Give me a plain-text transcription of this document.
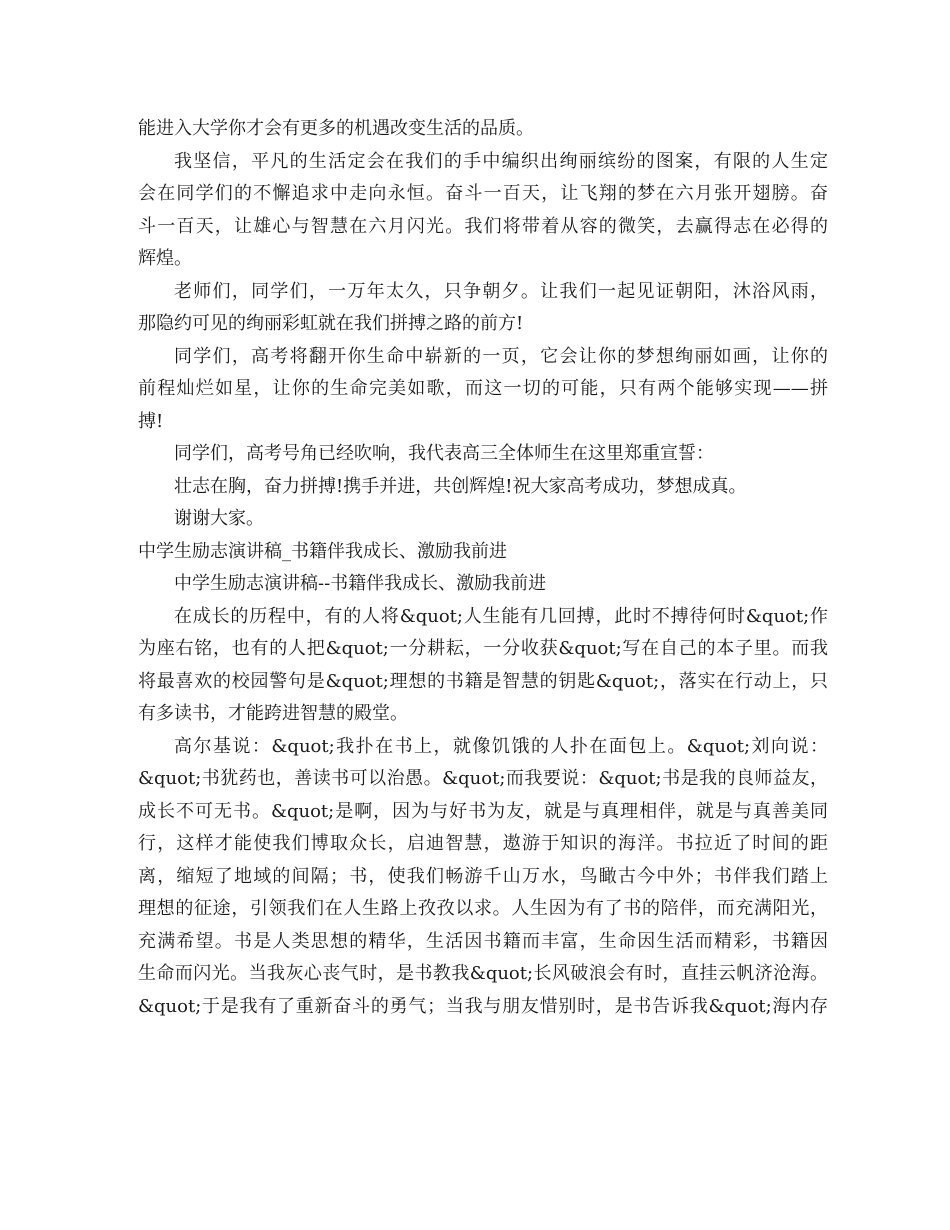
能进入大学你才会有更多的机遇改变生活的品质。
我坚信，平凡的生活定会在我们的手中编织出绚丽缤纷的图案，有限的人生定
会在同学们的不懈追求中走向永恒。奋斗一百天，让飞翔的梦在六月张开翅膀。奋
斗一百天，让雄心与智慧在六月闪光。我们将带着从容的微笑，去赢得志在必得的
辉煌。
老师们，同学们，一万年太久，只争朝夕。让我们一起见证朝阳，沐浴风雨，
那隐约可见的绚丽彩虹就在我们拼搏之路的前方!
同学们，高考将翻开你生命中崭新的一页，它会让你的梦想绚丽如画，让你的
前程灿烂如星，让你的生命完美如歌，而这一切的可能，只有两个能够实现——拼
搏!
同学们，高考号角已经吹响，我代表高三全体师生在这里郑重宣誓：
壮志在胸，奋力拼搏!携手并进，共创辉煌!祝大家高考成功，梦想成真。
谢谢大家。
中学生励志演讲稿_书籍伴我成长、激励我前进
中学生励志演讲稿--书籍伴我成长、激励我前进
在成长的历程中，有的人将&quot;人生能有几回搏，此时不搏待何时&quot;作
为座右铭，也有的人把&quot;一分耕耘，一分收获&quot;写在自己的本子里。而我
将最喜欢的校园警句是&quot;理想的书籍是智慧的钥匙&quot;，落实在行动上，只
有多读书，才能跨进智慧的殿堂。
高尔基说：&quot;我扑在书上，就像饥饿的人扑在面包上。&quot;刘向说：
&quot;书犹药也，善读书可以治愚。&quot;而我要说：&quot;书是我的良师益友，
成长不可无书。&quot;是啊，因为与好书为友，就是与真理相伴，就是与真善美同
行，这样才能使我们博取众长，启迪智慧，遨游于知识的海洋。书拉近了时间的距
离，缩短了地域的间隔；书，使我们畅游千山万水，鸟瞰古今中外；书伴我们踏上
理想的征途，引领我们在人生路上孜孜以求。人生因为有了书的陪伴，而充满阳光，
充满希望。书是人类思想的精华，生活因书籍而丰富，生命因生活而精彩，书籍因
生命而闪光。当我灰心丧气时，是书教我&quot;长风破浪会有时，直挂云帆济沧海。
&quot;于是我有了重新奋斗的勇气；当我与朋友惜别时，是书告诉我&quot;海内存
